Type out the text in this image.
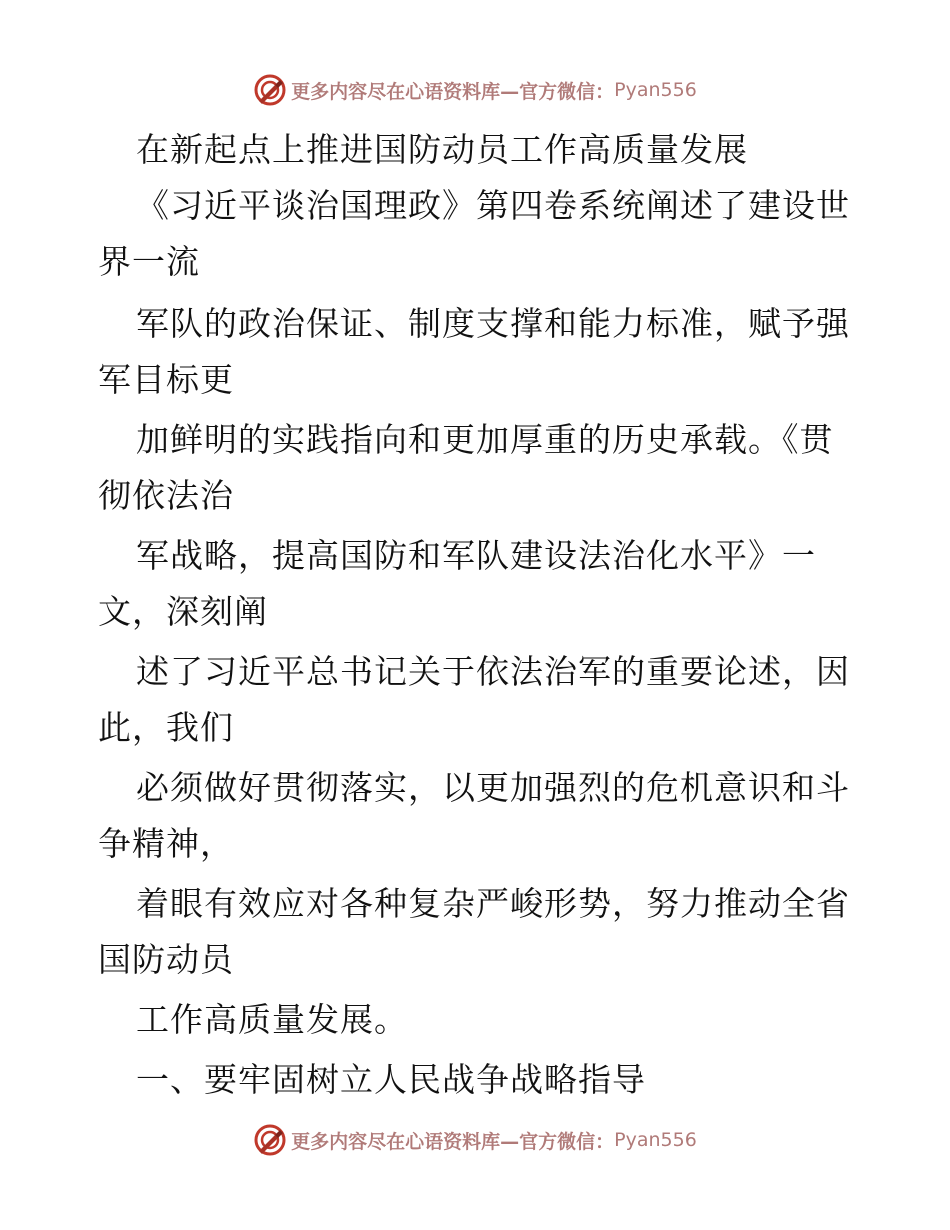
更多内容尽在心语资料库—官方微信： Pyan556
在新起点上推进国防动员工作高质量发展
《习近平谈治国理政》第四卷系统阐述了建设世
界一流
军队的政治保证、制度支撑和能力标准，赋予强
军目标更
加鲜明的实践指向和更加厚重的历史承载。《贯
彻依法治
军战略，提高国防和军队建设法治化水平》一
文，深刻阐
述了习近平总书记关于依法治军的重要论述，因
此，我们
必须做好贯彻落实，以更加强烈的危机意识和斗
争精神，
着眼有效应对各种复杂严峻形势，努力推动全省
国防动员
工作高质量发展。
一、要牢固树立人民战争战略指导
更多内容尽在心语资料库—官方微信： Pyan556
